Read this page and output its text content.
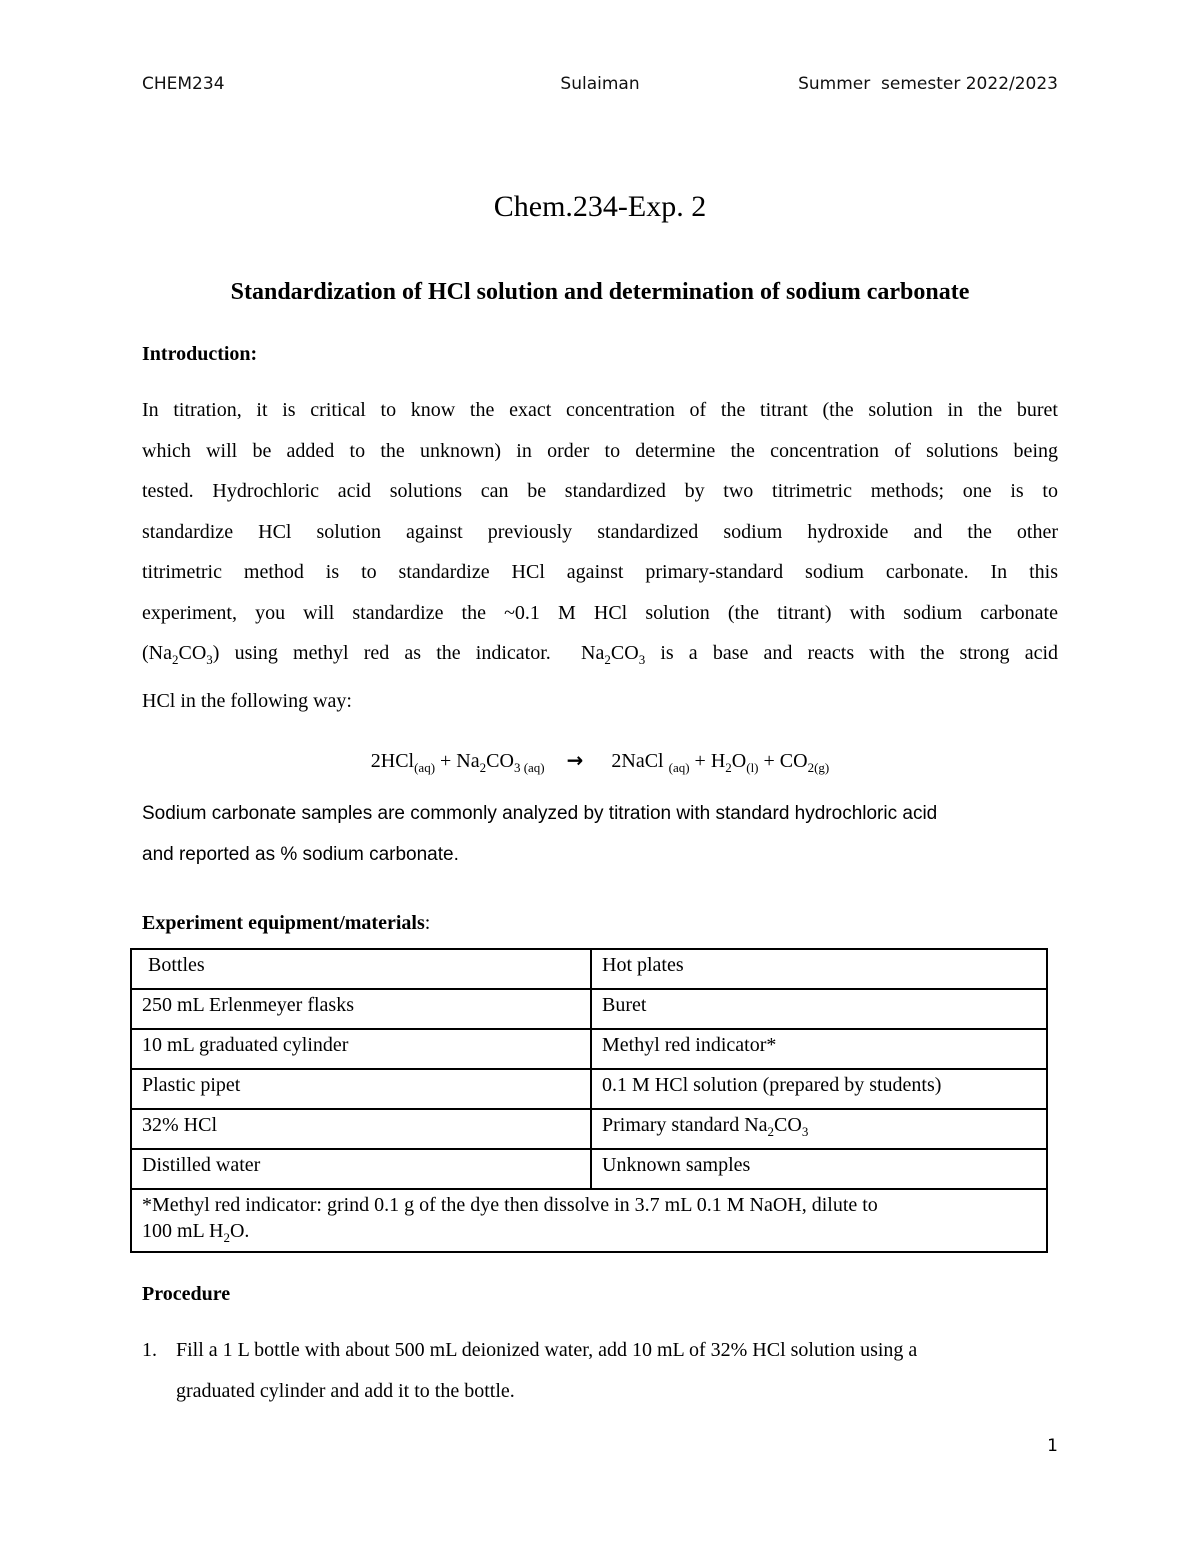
CHEM234	Sulaiman	Summer  semester 2022/2023
Chem.234-Exp. 2
Standardization of HCl solution and determination of sodium carbonate
Introduction:
In titration, it is critical to know the exact concentration of the titrant (the solution in the buret
which will be added to the unknown) in order to determine the concentration of solutions being
tested. Hydrochloric acid solutions can be standardized by two titrimetric methods; one is to
standardize HCl solution against previously standardized sodium hydroxide and the other
titrimetric method is to standardize HCl against primary-standard sodium carbonate. In this
experiment, you will standardize the ~0.1 M HCl solution (the titrant) with sodium carbonate
$(Na_2CO_3)$ using methyl red as the indicator.  $Na_2CO_3$ is a base and reacts with the strong acid
HCl in the following way:
$2HCl_{(aq)} + Na_2CO_{3 (aq)}$ → 2NaCl $_{(aq)} + H_2O_{(l)} + CO_{2(g)}$
Sodium carbonate samples are commonly analyzed by titration with standard hydrochloric acid
and reported as % sodium carbonate.
Experiment equipment/materials:
Bottles	Hot plates
250 mL Erlenmeyer flasks	Buret
10 mL graduated cylinder	Methyl red indicator*
Plastic pipet	0.1 M HCl solution (prepared by students)
32% HCl	Primary standard $Na_2CO_3$
Distilled water	Unknown samples

*Methyl red indicator: grind 0.1 g of the dye then dissolve in 3.7 mL 0.1 M NaOH, dilute to
100 mL $H_2O$.	
Procedure
1. Fill a 1 L bottle with about 500 mL deionized water, add 10 mL of 32% HCl solution using a
graduated cylinder and add it to the bottle.
1
